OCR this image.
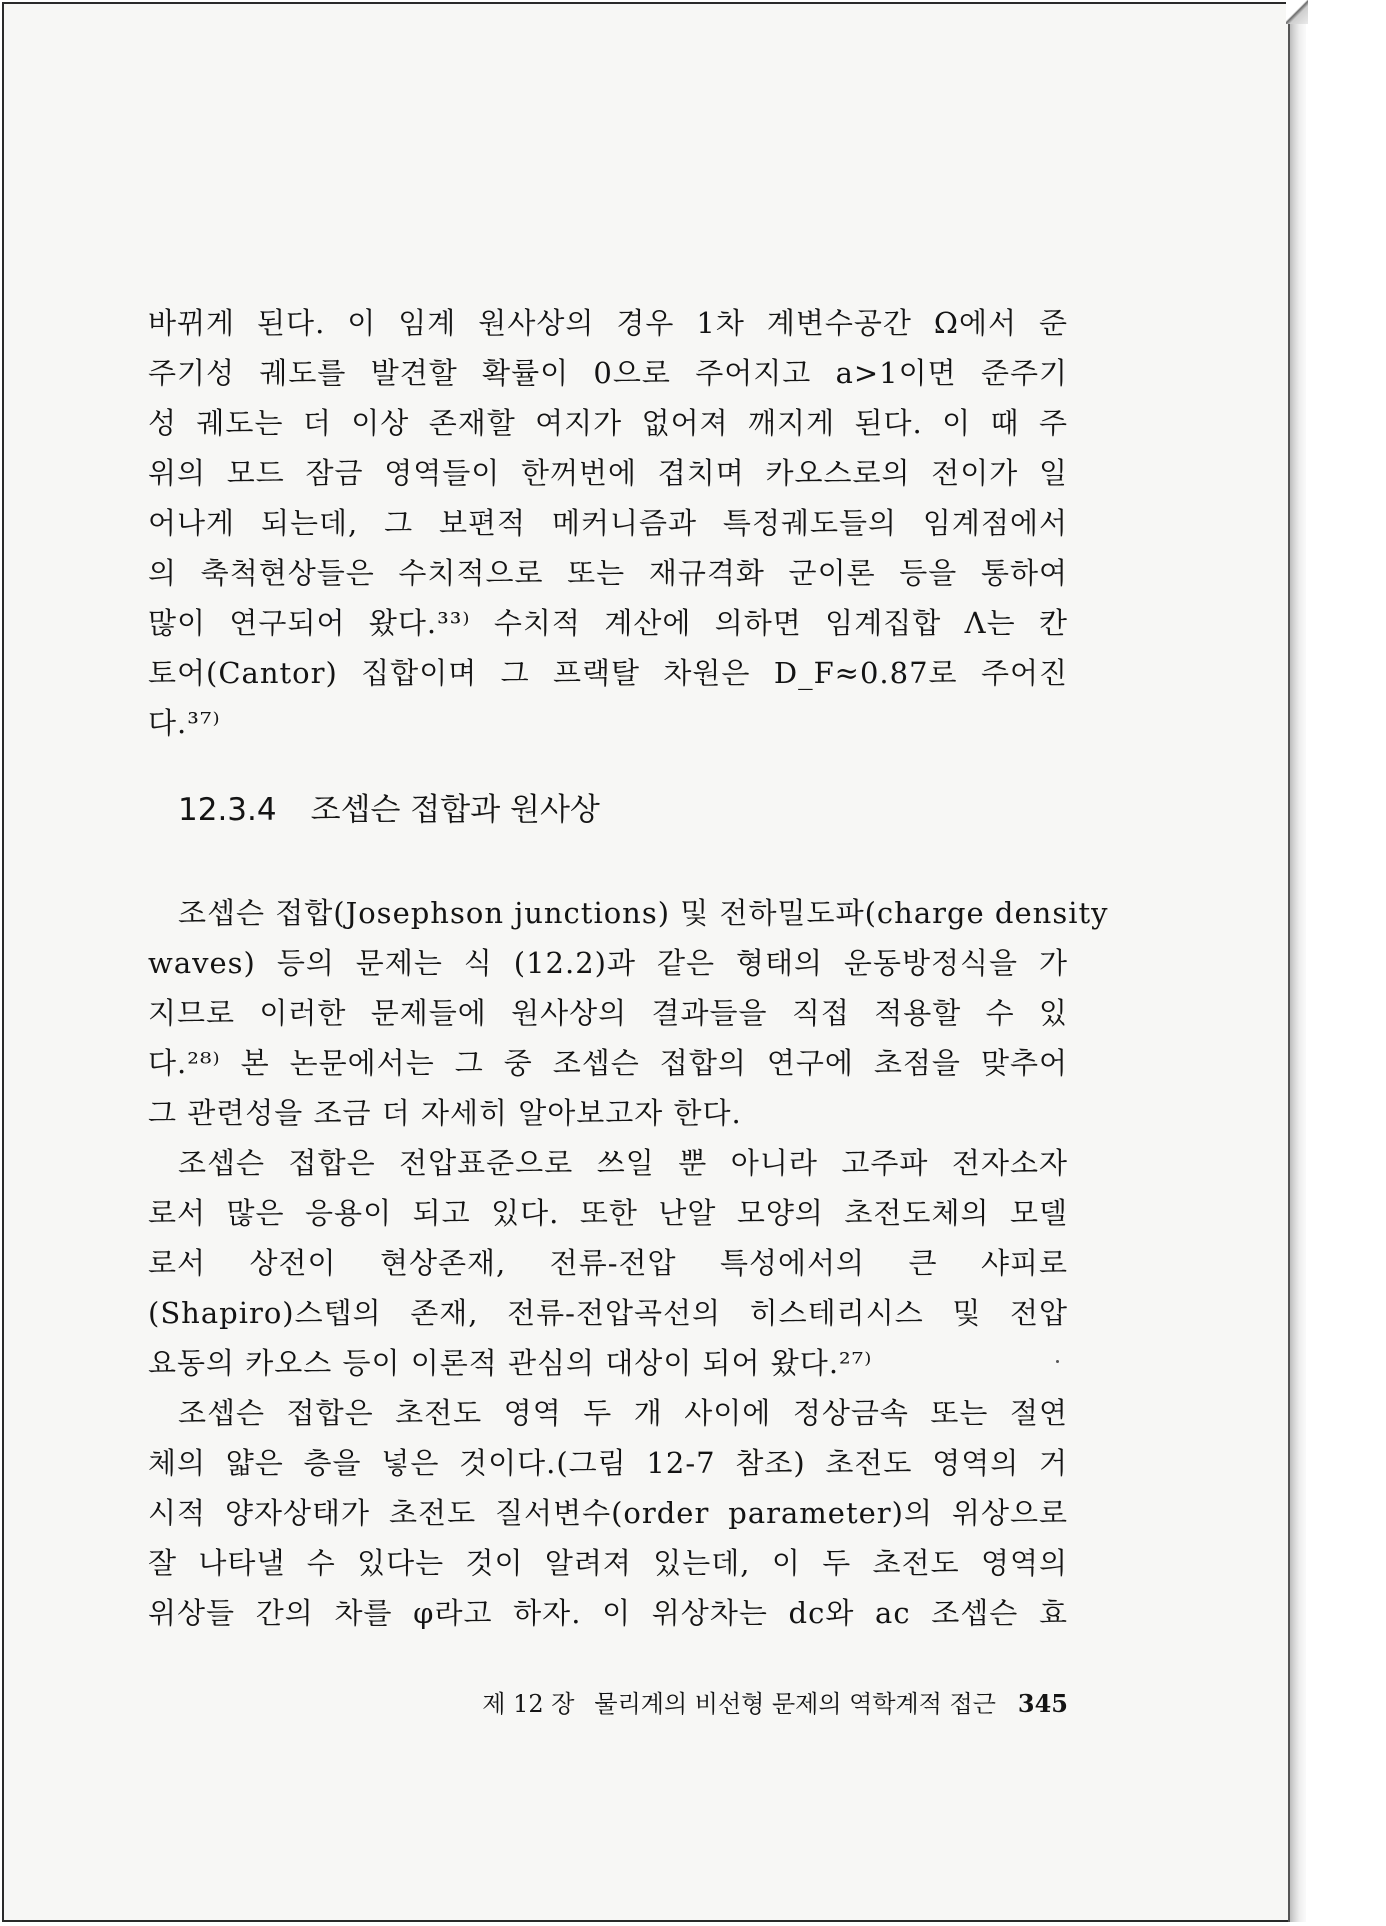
바뀌게 된다. 이 임계 원사상의 경우 1차 계변수공간 Ω에서 준
주기성 궤도를 발견할 확률이 0으로 주어지고 a>1이면 준주기
성 궤도는 더 이상 존재할 여지가 없어져 깨지게 된다. 이 때 주
위의 모드 잠금 영역들이 한꺼번에 겹치며 카오스로의 전이가 일
어나게 되는데, 그 보편적 메커니즘과 특정궤도들의 임계점에서
의 축척현상들은 수치적으로 또는 재규격화 군이론 등을 통하여
많이 연구되어 왔다.³³⁾ 수치적 계산에 의하면 임계집합 Λ는 칸
토어(Cantor) 집합이며 그 프랙탈 차원은 D_F≈0.87로 주어진
다.³⁷⁾
12.3.4 조셉슨 접합과 원사상
조셉슨 접합(Josephson junctions) 및 전하밀도파(charge density
waves) 등의 문제는 식 (12.2)과 같은 형태의 운동방정식을 가
지므로 이러한 문제들에 원사상의 결과들을 직접 적용할 수 있
다.²⁸⁾ 본 논문에서는 그 중 조셉슨 접합의 연구에 초점을 맞추어
그 관련성을 조금 더 자세히 알아보고자 한다.
조셉슨 접합은 전압표준으로 쓰일 뿐 아니라 고주파 전자소자
로서 많은 응용이 되고 있다. 또한 난알 모양의 초전도체의 모델
로서 상전이 현상존재, 전류-전압 특성에서의 큰 샤피로
(Shapiro)스텝의 존재, 전류-전압곡선의 히스테리시스 및 전압
요동의 카오스 등이 이론적 관심의 대상이 되어 왔다.²⁷⁾
조셉슨 접합은 초전도 영역 두 개 사이에 정상금속 또는 절연
체의 얇은 층을 넣은 것이다.(그림 12-7 참조) 초전도 영역의 거
시적 양자상태가 초전도 질서변수(order parameter)의 위상으로
잘 나타낼 수 있다는 것이 알려져 있는데, 이 두 초전도 영역의
위상들 간의 차를 φ라고 하자. 이 위상차는 dc와 ac 조셉슨 효
제 12 장 물리계의 비선형 문제의 역학계적 접근 345
